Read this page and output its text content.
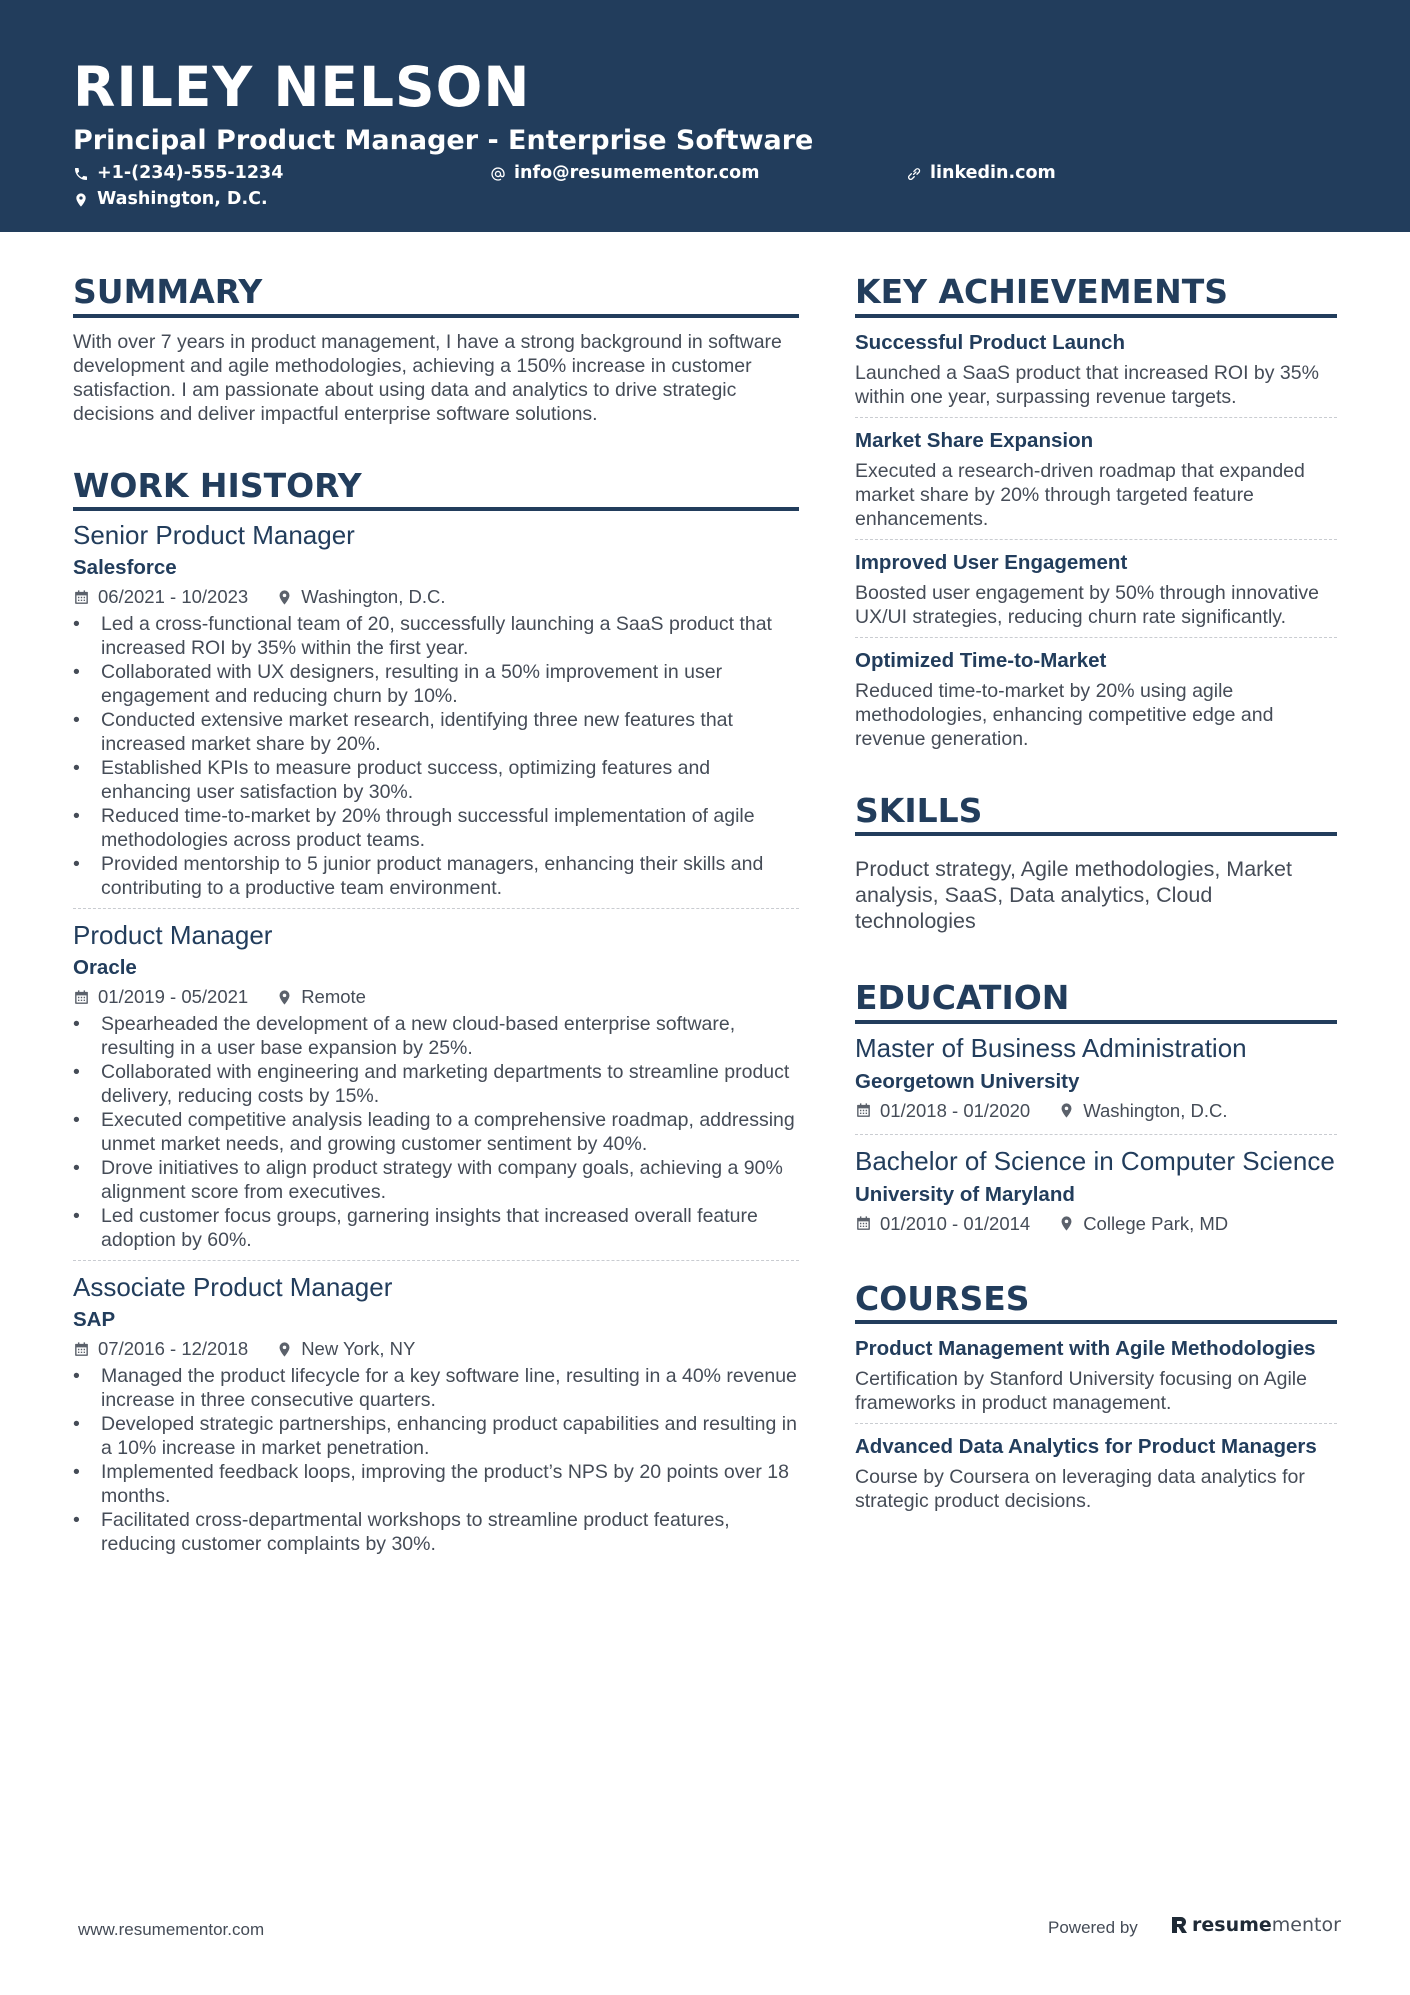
RILEY NELSON
Principal Product Manager - Enterprise Software
+1-(234)-555-1234	info@resumementor.com	linkedin.com
Washington, D.C.
SUMMARY
With over 7 years in product management, I have a strong background in software development and agile methodologies, achieving a 150% increase in customer satisfaction. I am passionate about using data and analytics to drive strategic decisions and deliver impactful enterprise software solutions.
WORK HISTORY
Senior Product Manager
Salesforce
06/2021 - 10/2023	Washington, D.C.
• Led a cross-functional team of 20, successfully launching a SaaS product that increased ROI by 35% within the first year.
• Collaborated with UX designers, resulting in a 50% improvement in user engagement and reducing churn by 10%.
• Conducted extensive market research, identifying three new features that increased market share by 20%.
• Established KPIs to measure product success, optimizing features and enhancing user satisfaction by 30%.
• Reduced time-to-market by 20% through successful implementation of agile methodologies across product teams.
• Provided mentorship to 5 junior product managers, enhancing their skills and contributing to a productive team environment.
Product Manager
Oracle
01/2019 - 05/2021	Remote
• Spearheaded the development of a new cloud-based enterprise software, resulting in a user base expansion by 25%.
• Collaborated with engineering and marketing departments to streamline product delivery, reducing costs by 15%.
• Executed competitive analysis leading to a comprehensive roadmap, addressing unmet market needs, and growing customer sentiment by 40%.
• Drove initiatives to align product strategy with company goals, achieving a 90% alignment score from executives.
• Led customer focus groups, garnering insights that increased overall feature adoption by 60%.
Associate Product Manager
SAP
07/2016 - 12/2018	New York, NY
• Managed the product lifecycle for a key software line, resulting in a 40% revenue increase in three consecutive quarters.
• Developed strategic partnerships, enhancing product capabilities and resulting in a 10% increase in market penetration.
• Implemented feedback loops, improving the product’s NPS by 20 points over 18 months.
• Facilitated cross-departmental workshops to streamline product features, reducing customer complaints by 30%.
KEY ACHIEVEMENTS
Successful Product Launch
Launched a SaaS product that increased ROI by 35% within one year, surpassing revenue targets.
Market Share Expansion
Executed a research-driven roadmap that expanded market share by 20% through targeted feature enhancements.
Improved User Engagement
Boosted user engagement by 50% through innovative UX/UI strategies, reducing churn rate significantly.
Optimized Time-to-Market
Reduced time-to-market by 20% using agile methodologies, enhancing competitive edge and revenue generation.
SKILLS
Product strategy, Agile methodologies, Market analysis, SaaS, Data analytics, Cloud technologies
EDUCATION
Master of Business Administration
Georgetown University
01/2018 - 01/2020	Washington, D.C.
Bachelor of Science in Computer Science
University of Maryland
01/2010 - 01/2014	College Park, MD
COURSES
Product Management with Agile Methodologies
Certification by Stanford University focusing on Agile frameworks in product management.
Advanced Data Analytics for Product Managers
Course by Coursera on leveraging data analytics for strategic product decisions.
www.resumementor.com	Powered by	resume mentor
